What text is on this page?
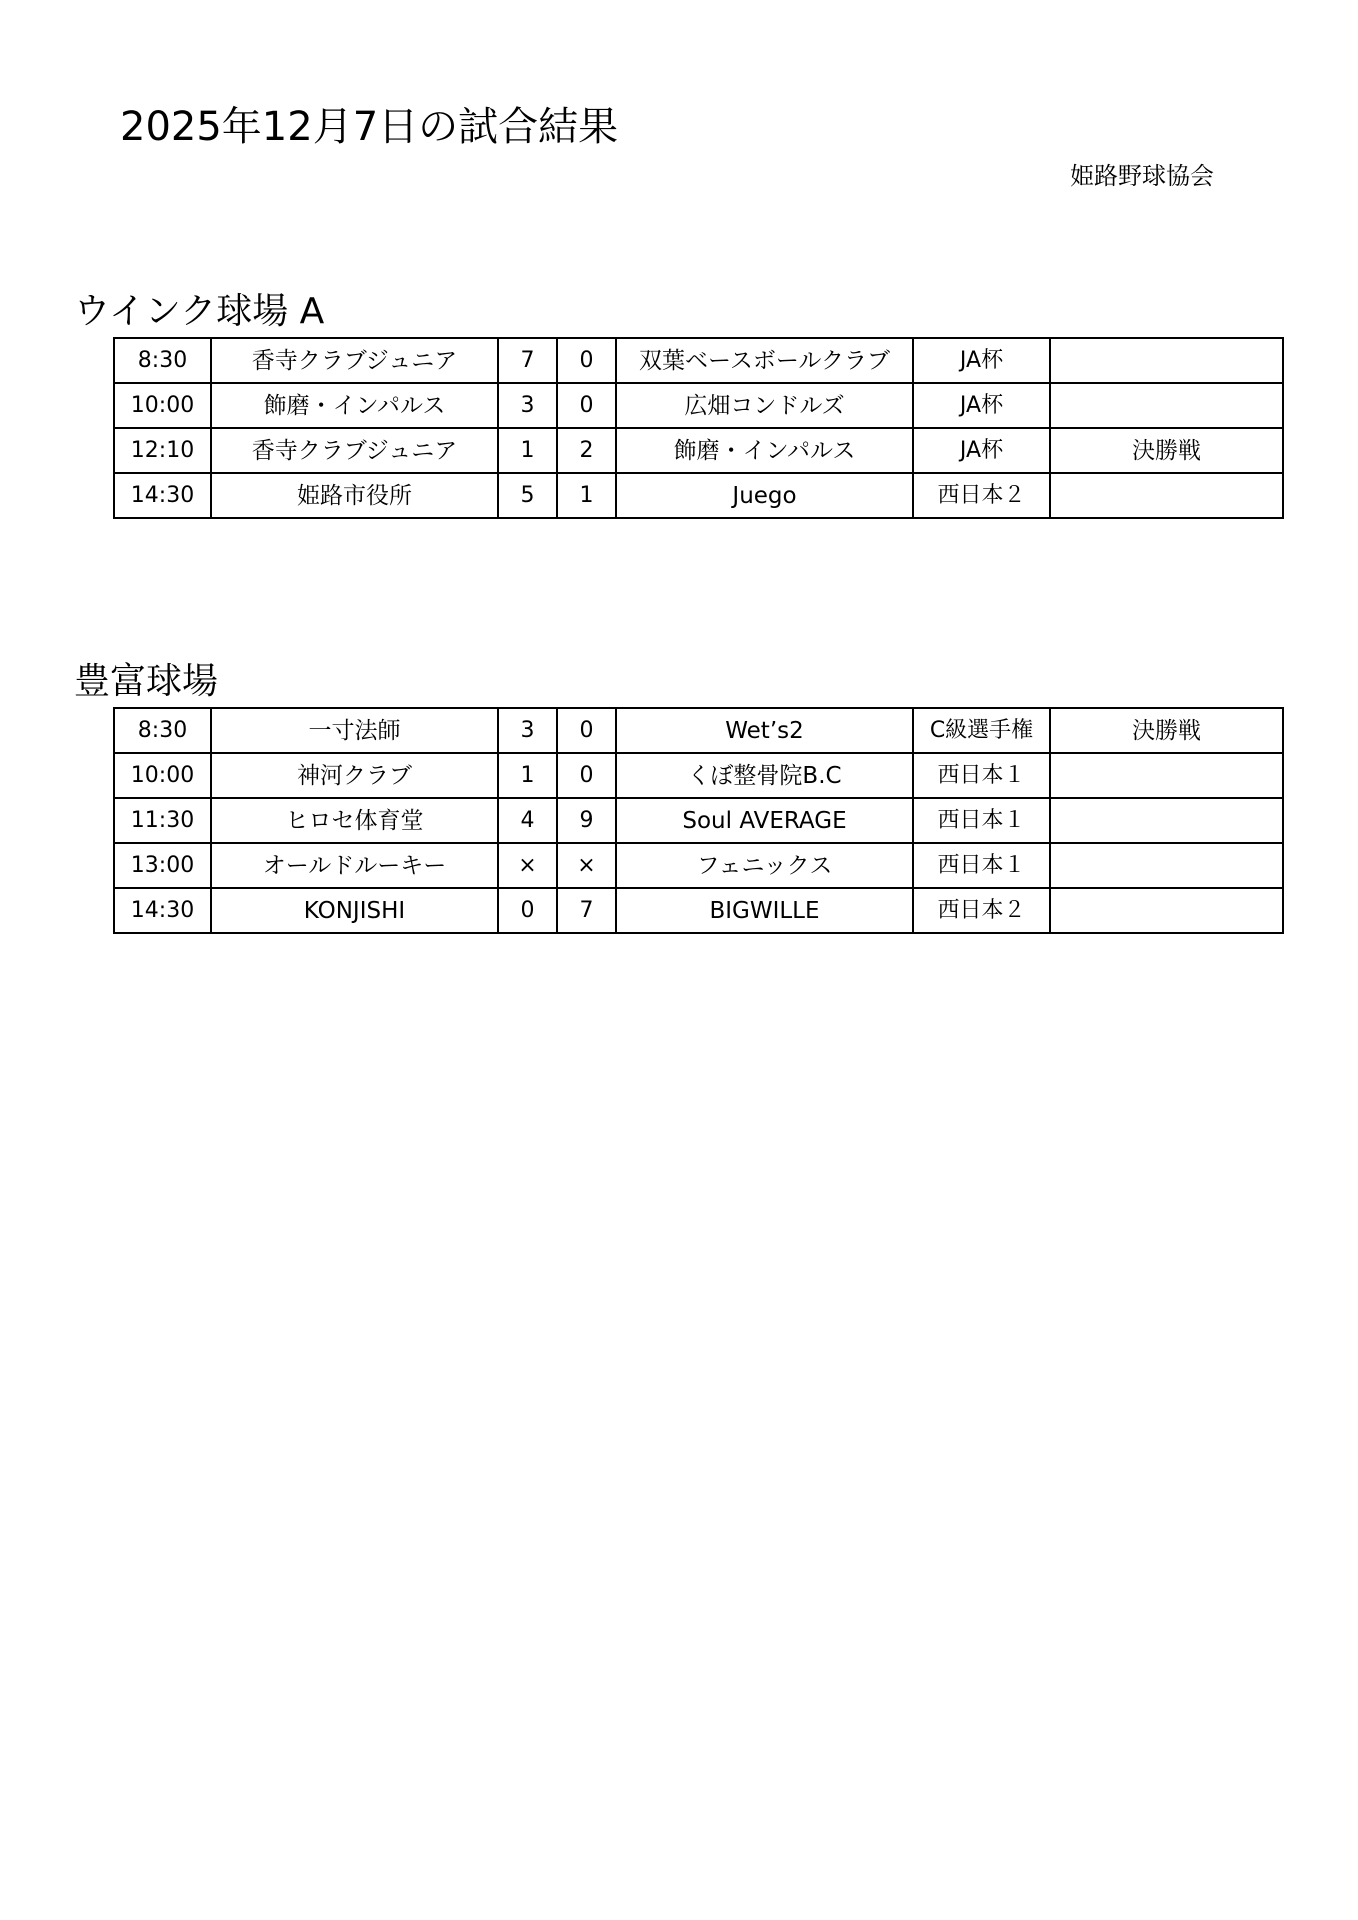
2025年12月7日の試合結果
姫路野球協会
ウインク球場 A
8:30	香寺クラブジュニア	7	0	双葉ベースボールクラブ	JA杯	
10:00	飾磨・インパルス	3	0	広畑コンドルズ	JA杯	
12:10	香寺クラブジュニア	1	2	飾磨・インパルス	JA杯	決勝戦
14:30	姫路市役所	5	1	Juego	西日本２	
豊富球場
8:30	一寸法師	3	0	Wet’s2	C級選手権	決勝戦
10:00	神河クラブ	1	0	くぼ整骨院B.C	西日本１	
11:30	ヒロセ体育堂	4	9	Soul AVERAGE	西日本１	
13:00	オールドルーキー	×	×	フェニックス	西日本１	
14:30	KONJISHI	0	7	BIGWILLE	西日本２	
